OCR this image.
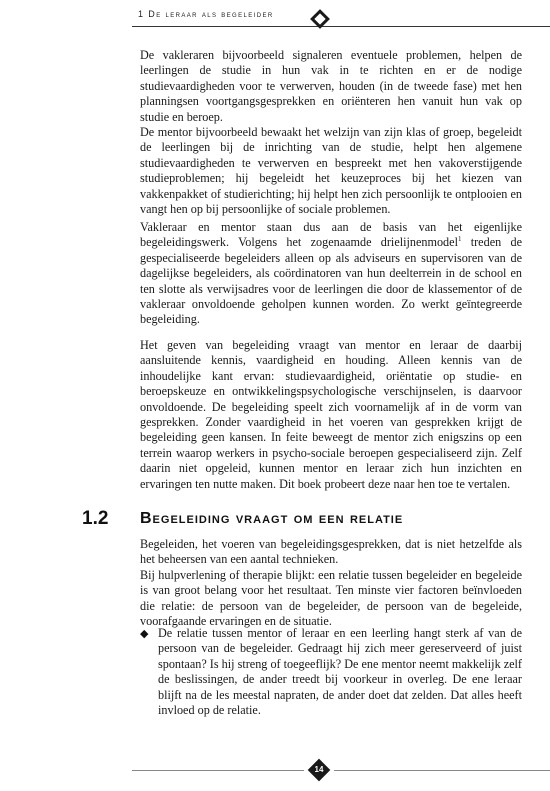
1 De leraar als begeleider

De vakleraren bijvoorbeeld signaleren eventuele problemen, helpen de leerlingen de studie in hun vak in te richten en er de nodige studievaardigheden voor te verwerven, houden (in de tweede fase) met hen planningsen voortgangsgesprekken en oriënteren hen vanuit hun vak op studie en beroep.

De mentor bijvoorbeeld bewaakt het welzijn van zijn klas of groep, begeleidt de leerlingen bij de inrichting van de studie, helpt hen algemene studievaardigheden te verwerven en bespreekt met hen vakoverstijgende studieproblemen; hij begeleidt het keuzeproces bij het kiezen van vakkenpakket of studierichting; hij helpt hen zich persoonlijk te ontplooien en vangt hen op bij persoonlijke of sociale problemen.

Vakleraar en mentor staan dus aan de basis van het eigenlijke begeleidingswerk. Volgens het zogenaamde drielijnenmodel$^1$ treden de gespecialiseerde begeleiders alleen op als adviseurs en supervisoren van de dagelijkse begeleiders, als coördinatoren van hun deelterrein in de school en ten slotte als verwijsadres voor de leerlingen die door de klassementor of de vakleraar onvoldoende geholpen kunnen worden. Zo werkt geïntegreerde begeleiding.

Het geven van begeleiding vraagt van mentor en leraar de daarbij aansluitende kennis, vaardigheid en houding. Alleen kennis van de inhoudelijke kant ervan: studievaardigheid, oriëntatie op studie- en beroepskeuze en ontwikkelingspsychologische verschijnselen, is daarvoor onvoldoende. De begeleiding speelt zich voornamelijk af in de vorm van gesprekken. Zonder vaardigheid in het voeren van gesprekken krijgt de begeleiding geen kansen. In feite beweegt de mentor zich enigszins op een terrein waarop werkers in psycho-sociale beroepen gespecialiseerd zijn. Zelf daarin niet opgeleid, kunnen mentor en leraar zich hun inzichten en ervaringen ten nutte maken. Dit boek probeert deze naar hen toe te vertalen.

1.2 Begeleiding vraagt om een relatie

Begeleiden, het voeren van begeleidingsgesprekken, dat is niet hetzelfde als het beheersen van een aantal technieken.

Bij hulpverlening of therapie blijkt: een relatie tussen begeleider en begeleide is van groot belang voor het resultaat. Ten minste vier factoren beïnvloeden die relatie: de persoon van de begeleider, de persoon van de begeleide, voorafgaande ervaringen en de situatie.

◆ De relatie tussen mentor of leraar en een leerling hangt sterk af van de persoon van de begeleider. Gedraagt hij zich meer gereserveerd of juist spontaan? Is hij streng of toegeeflijk? De ene mentor neemt makkelijk zelf de beslissingen, de ander treedt bij voorkeur in overleg. De ene leraar blijft na de les meestal napraten, de ander doet dat zelden. Dat alles heeft invloed op de relatie.

14
